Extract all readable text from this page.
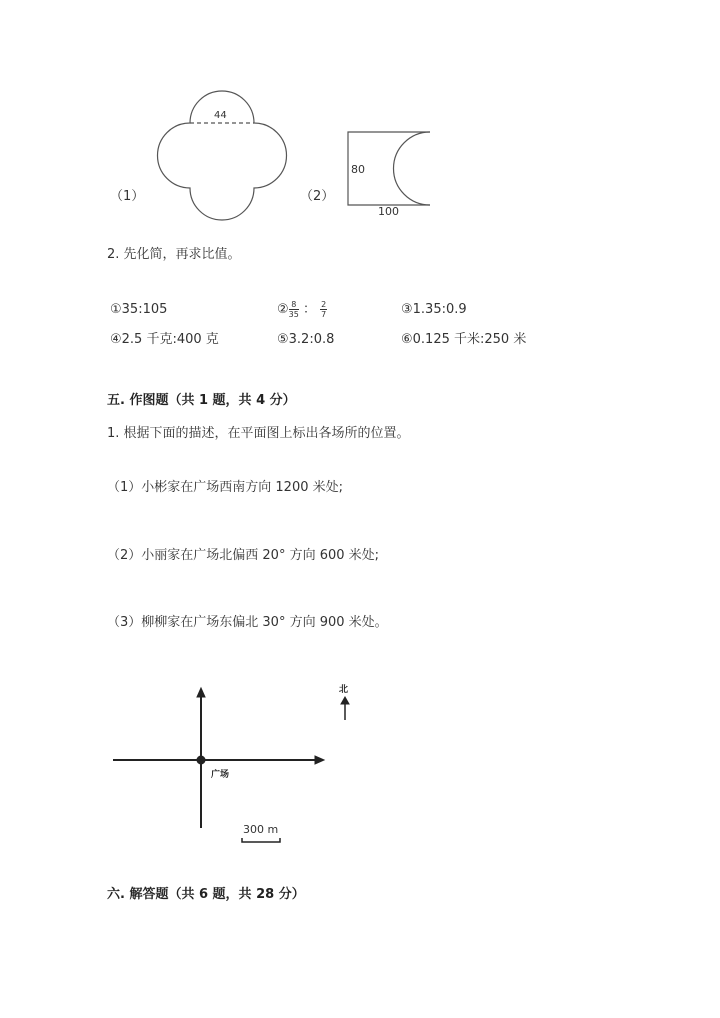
（1）
44
（2）
80
100
2. 先化简，再求比值。
①35:105	② $\frac{8}{35}$ ： $\frac{2}{7}$	③1.35:0.9
④2.5 千克:400 克	⑤3.2:0.8	⑥0.125 千米:250 米
五. 作图题（共 1 题，共 4 分）
1. 根据下面的描述，在平面图上标出各场所的位置。
（1）小彬家在广场西南方向 1200 米处;
（2）小丽家在广场北偏西 20° 方向 600 米处;
（3）柳柳家在广场东偏北 30° 方向 900 米处。
广场
北
300 m
六. 解答题（共 6 题，共 28 分）
